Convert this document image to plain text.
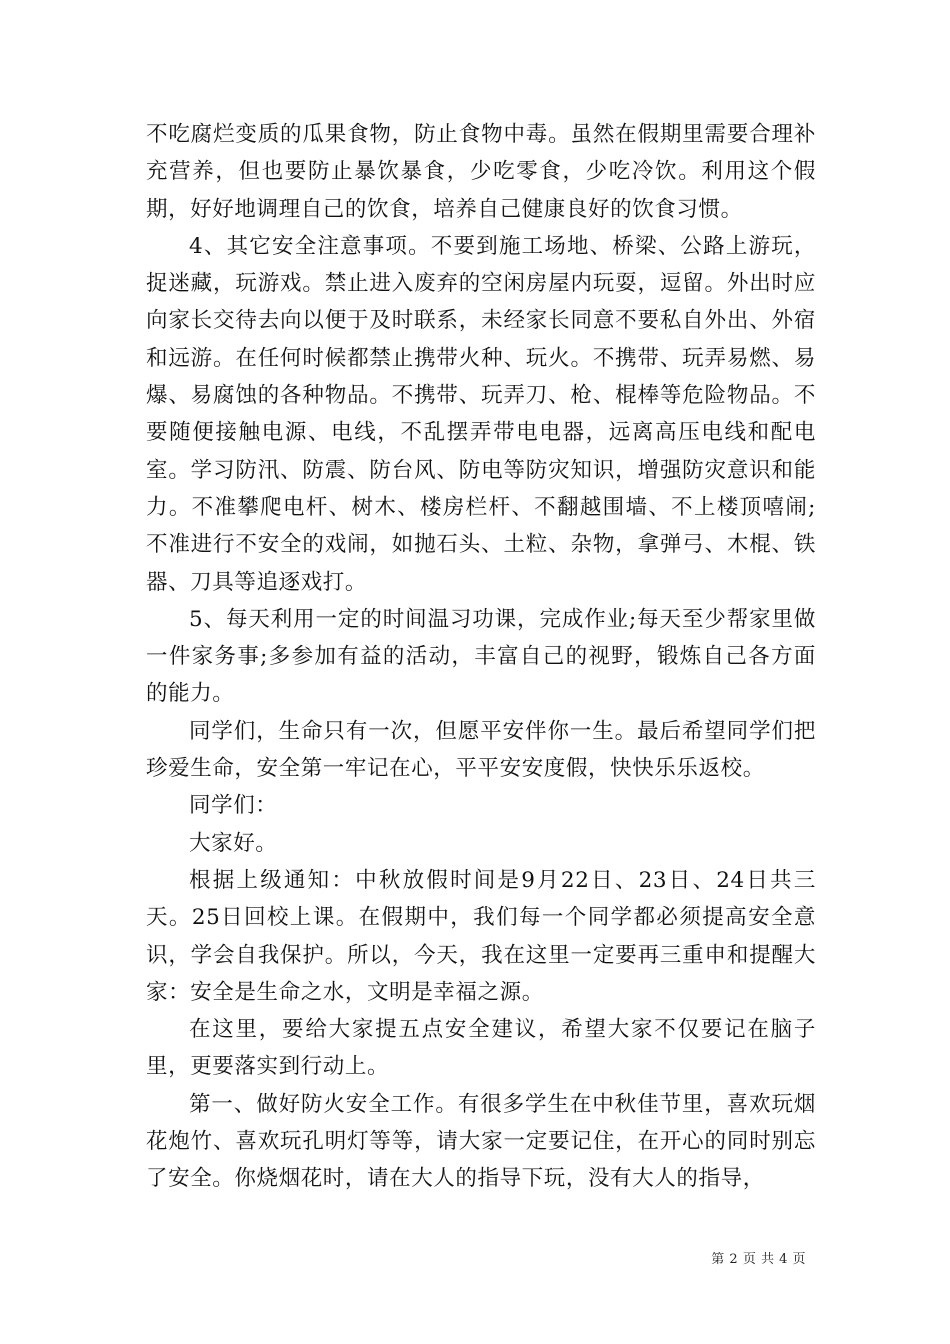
不吃腐烂变质的瓜果食物，防止食物中毒。虽然在假期里需要合理补充营养，但也要防止暴饮暴食，少吃零食，少吃冷饮。利用这个假期，好好地调理自己的饮食，培养自己健康良好的饮食习惯。

4、其它安全注意事项。不要到施工场地、桥梁、公路上游玩，捉迷藏，玩游戏。禁止进入废弃的空闲房屋内玩耍，逗留。外出时应向家长交待去向以便于及时联系，未经家长同意不要私自外出、外宿和远游。在任何时候都禁止携带火种、玩火。不携带、玩弄易燃、易爆、易腐蚀的各种物品。不携带、玩弄刀、枪、棍棒等危险物品。不要随便接触电源、电线，不乱摆弄带电电器，远离高压电线和配电室。学习防汛、防震、防台风、防电等防灾知识，增强防灾意识和能力。不准攀爬电杆、树木、楼房栏杆、不翻越围墙、不上楼顶嘻闹;不准进行不安全的戏闹，如抛石头、土粒、杂物，拿弹弓、木棍、铁器、刀具等追逐戏打。

5、每天利用一定的时间温习功课，完成作业;每天至少帮家里做一件家务事;多参加有益的活动，丰富自己的视野，锻炼自己各方面的能力。

同学们，生命只有一次，但愿平安伴你一生。最后希望同学们把珍爱生命，安全第一牢记在心，平平安安度假，快快乐乐返校。

同学们：

大家好。

根据上级通知：中秋放假时间是9月22日、23日、24日共三天。25日回校上课。在假期中，我们每一个同学都必须提高安全意识，学会自我保护。所以，今天，我在这里一定要再三重申和提醒大家：安全是生命之水，文明是幸福之源。

在这里，要给大家提五点安全建议，希望大家不仅要记在脑子里，更要落实到行动上。

第一、做好防火安全工作。有很多学生在中秋佳节里，喜欢玩烟花炮竹、喜欢玩孔明灯等等，请大家一定要记住，在开心的同时别忘了安全。你烧烟花时，请在大人的指导下玩，没有大人的指导，

第 2 页 共 4 页
